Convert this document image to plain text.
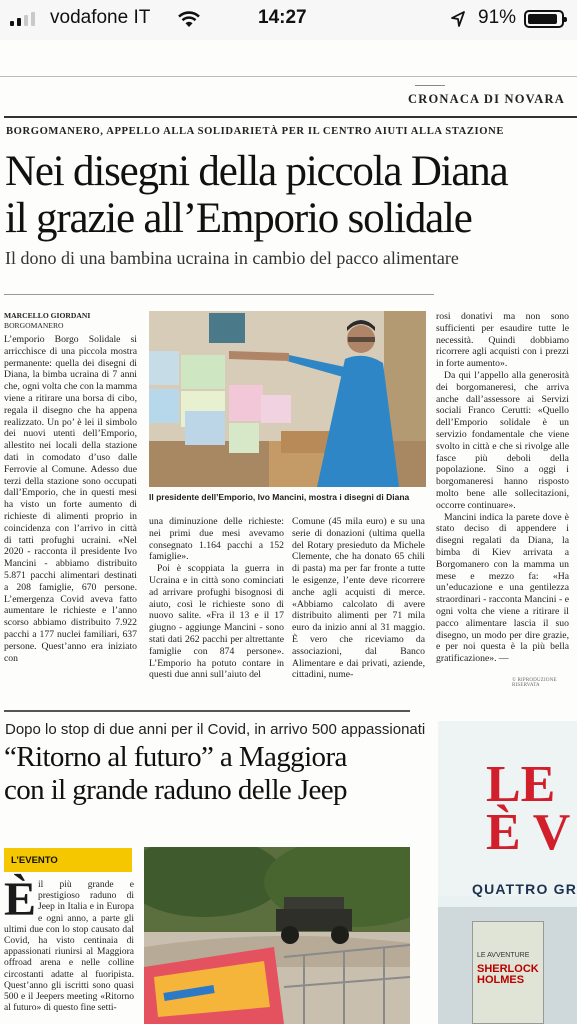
vodafone IT	14:27	91%
CRONACA DI NOVARA
BORGOMANERO, APPELLO ALLA SOLIDARIETÀ PER IL CENTRO AIUTI ALLA STAZIONE
Nei disegni della piccola Diana
il grazie all’Emporio solidale
Il dono di una bambina ucraina in cambio del pacco alimentare
MARCELLO GIORDANI
BORGOMANERO

L’emporio Borgo Solidale si arricchisce di una piccola mostra permanente: quella dei disegni di Diana, la bimba ucraina di 7 anni che, ogni volta che con la mamma viene a ritirare una borsa di cibo, regala il disegno che ha appena realizzato. Un po’ è lei il simbolo dei nuovi utenti dell’Emporio, allestito nei locali della stazione dati in comodato d’uso dalle Ferrovie al Comune. Adesso due terzi della stazione sono occupati dall’Emporio, che in questi mesi ha visto un forte aumento di richieste di alimenti proprio in coincidenza con l’arrivo in città di tatti profughi ucraini. «Nel 2020 - racconta il presidente Ivo Mancini - abbiamo distribuito 5.871 pacchi alimentari destinati a 208 famiglie, 670 persone. L’emergenza Covid aveva fatto aumentare le richieste e l’anno scorso abbiamo distribuito 7.922 pacchi a 177 nuclei familiari, 637 persone. Quest’anno era iniziato con

Il presidente dell’Emporio, Ivo Mancini, mostra i disegni di Diana

una diminuzione delle richieste: nei primi due mesi avevamo consegnato 1.164 pacchi a 152 famiglie».

Poi è scoppiata la guerra in Ucraina e in città sono cominciati ad arrivare profughi bisognosi di aiuto, così le richieste sono di nuovo salite. «Fra il 13 e il 17 giugno - aggiunge Mancini - sono stati dati 262 pacchi per altrettante famiglie con 874 persone». L’Emporio ha potuto contare in questi due anni sull’aiuto del

Comune (45 mila euro) e su una serie di donazioni (ultima quella del Rotary presieduto da Michele Clemente, che ha donato 65 chili di pasta) ma per far fronte a tutte le esigenze, l’ente deve ricorrere anche agli acquisti di merce. «Abbiamo calcolato di avere distribuito alimenti per 71 mila euro da inizio anni al 31 maggio. È vero che riceviamo da associazioni, dal Banco Alimentare e dai privati, aziende, cittadini, nume-

rosi donativi ma non sono sufficienti per esaudire tutte le necessità. Quindi dobbiamo ricorrere agli acquisti con i prezzi in forte aumento».

Da qui l’appello alla generosità dei borgomaneresi, che arriva anche dall’assessore ai Servizi sociali Franco Cerutti: «Quello dell’Emporio solidale è un servizio fondamentale che viene svolto in città e che si rivolge alle fasce più deboli della popolazione. Sino a oggi i borgomaneresi hanno risposto molto bene alle sollecitazioni, occorre continuare».

Mancini indica la parete dove è stato deciso di appendere i disegni regalati da Diana, la bimba di Kiev arrivata a Borgomanero con la mamma un mese e mezzo fa: «Ha un’educazione e una gentilezza straordinari - racconta Mancini - e ogni volta che viene a ritirare il pacco alimentare lascia il suo disegno, un modo per dire grazie, e per noi questa è la più bella gratificazione». —

© RIPRODUZIONE RISERVATA
Dopo lo stop di due anni per il Covid, in arrivo 500 appassionati
“Ritorno al futuro” a Maggiora
con il grande raduno delle Jeep
L’EVENTO
È il più grande e prestigioso raduno di Jeep in Italia e in Europa e ogni anno, a parte gli ultimi due con lo stop causato dal Covid, ha visto centinaia di appassionati riunirsi al Maggiora offroad arena e nelle colline circostanti adatte al fuoripista. Quest’anno gli iscritti sono quasi 500 e il Jeepers meeting «Ritorno al futuro» di questo fine setti-
LE
È V
QUATTRO GR
LE AVVENTURE
SHERLOCK HOLMES
